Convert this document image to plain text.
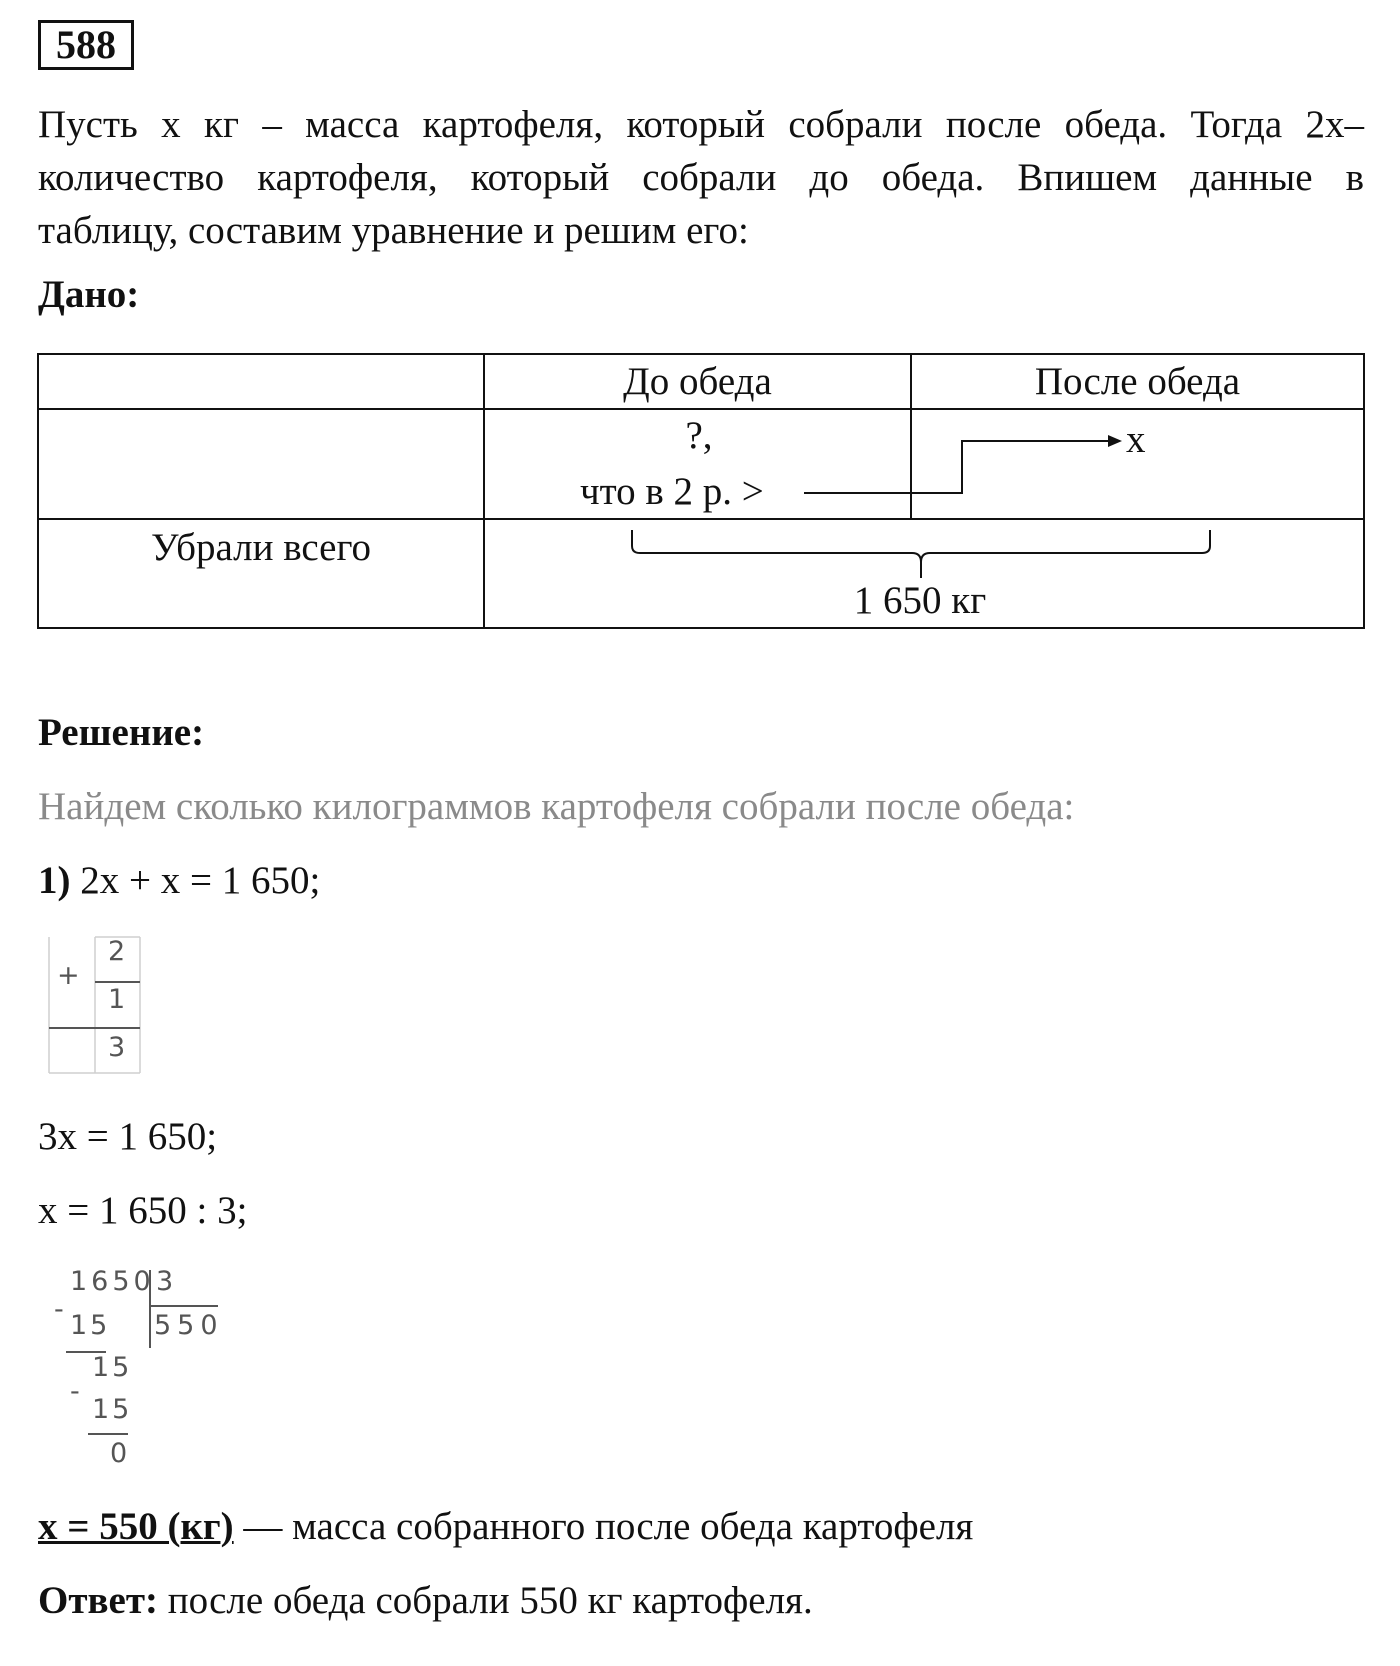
588
Пусть х кг – масса картофеля, который собрали после обеда. Тогда 2х–
количество картофеля, который собрали до обеда. Впишем данные в
таблицу, составим уравнение и решим его:
Дано:
До обеда	После обеда
?,
что в 2 р. >
х
Убрали всего
1 650 кг
Решение:
Найдем сколько килограммов картофеля собрали после обеда:
1) 2х + х = 1 650;
+
2
1
3
3х = 1 650;
х = 1 650 : 3;
1650 3
-
15 550
15
-
15
0
х = 550 (кг) — масса собранного после обеда картофеля
Ответ: после обеда собрали 550 кг картофеля.
